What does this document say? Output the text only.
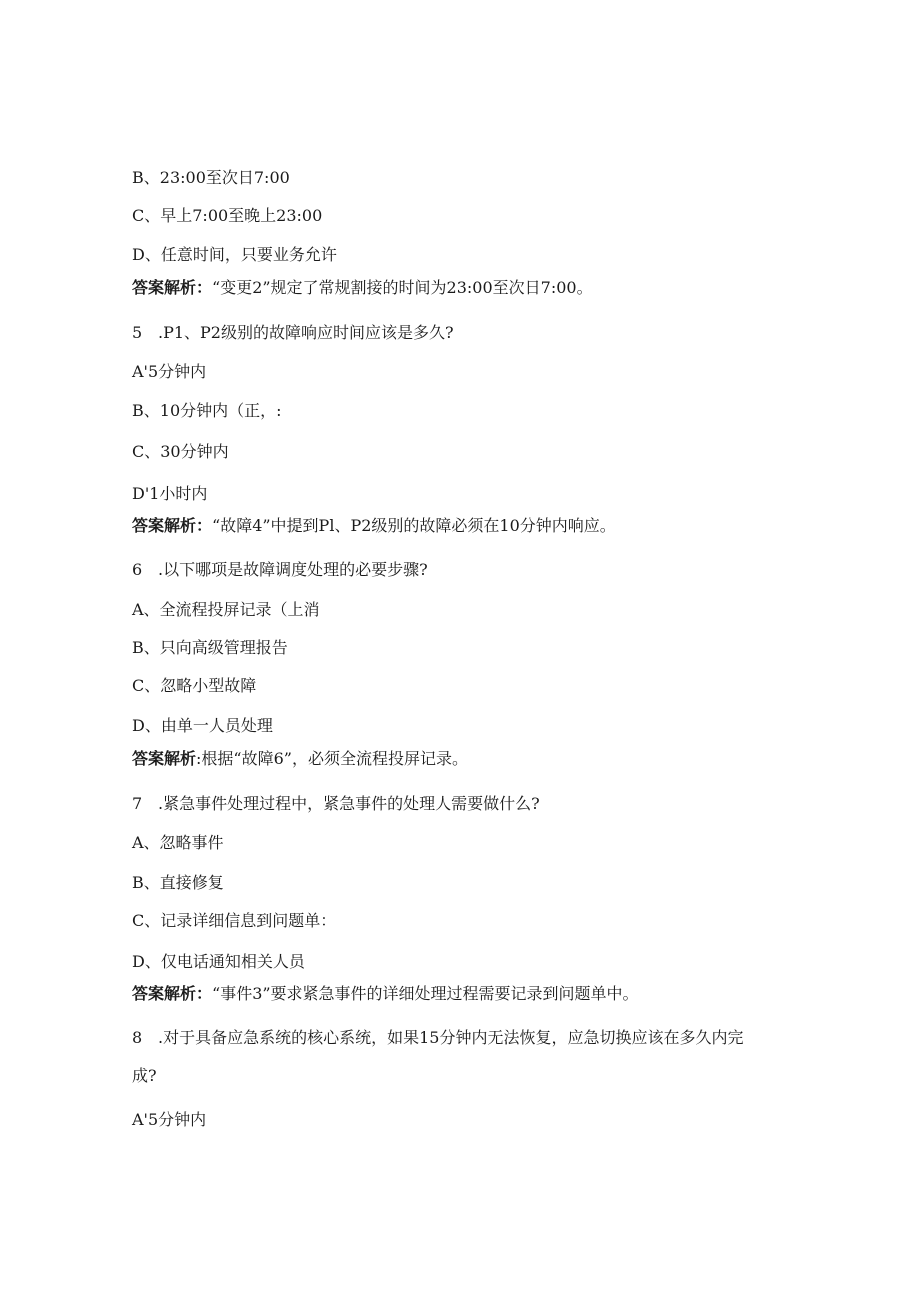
B、23:00至次日7:00
C、早上7:00至晚上23:00
D、任意时间，只要业务允许
答案解析：“变更2”规定了常规割接的时间为23:00至次日7:00。
5 .P1、P2级别的故障响应时间应该是多久?
A'5分钟内
B、10分钟内（正，:
C、30分钟内
D'1小时内
答案解析：“故障4”中提到Pl、P2级别的故障必须在10分钟内响应。
6 .以下哪项是故障调度处理的必要步骤?
A、全流程投屏记录（上消
B、只向高级管理报告
C、忽略小型故障
D、由单一人员处理
答案解析:根据“故障6”，必须全流程投屏记录。
7 .紧急事件处理过程中，紧急事件的处理人需要做什么?
A、忽略事件
B、直接修复
C、记录详细信息到问题单：
D、仅电话通知相关人员
答案解析：“事件3”要求紧急事件的详细处理过程需要记录到问题单中。
8 .对于具备应急系统的核心系统，如果15分钟内无法恢复，应急切换应该在多久内完
成?
A'5分钟内
